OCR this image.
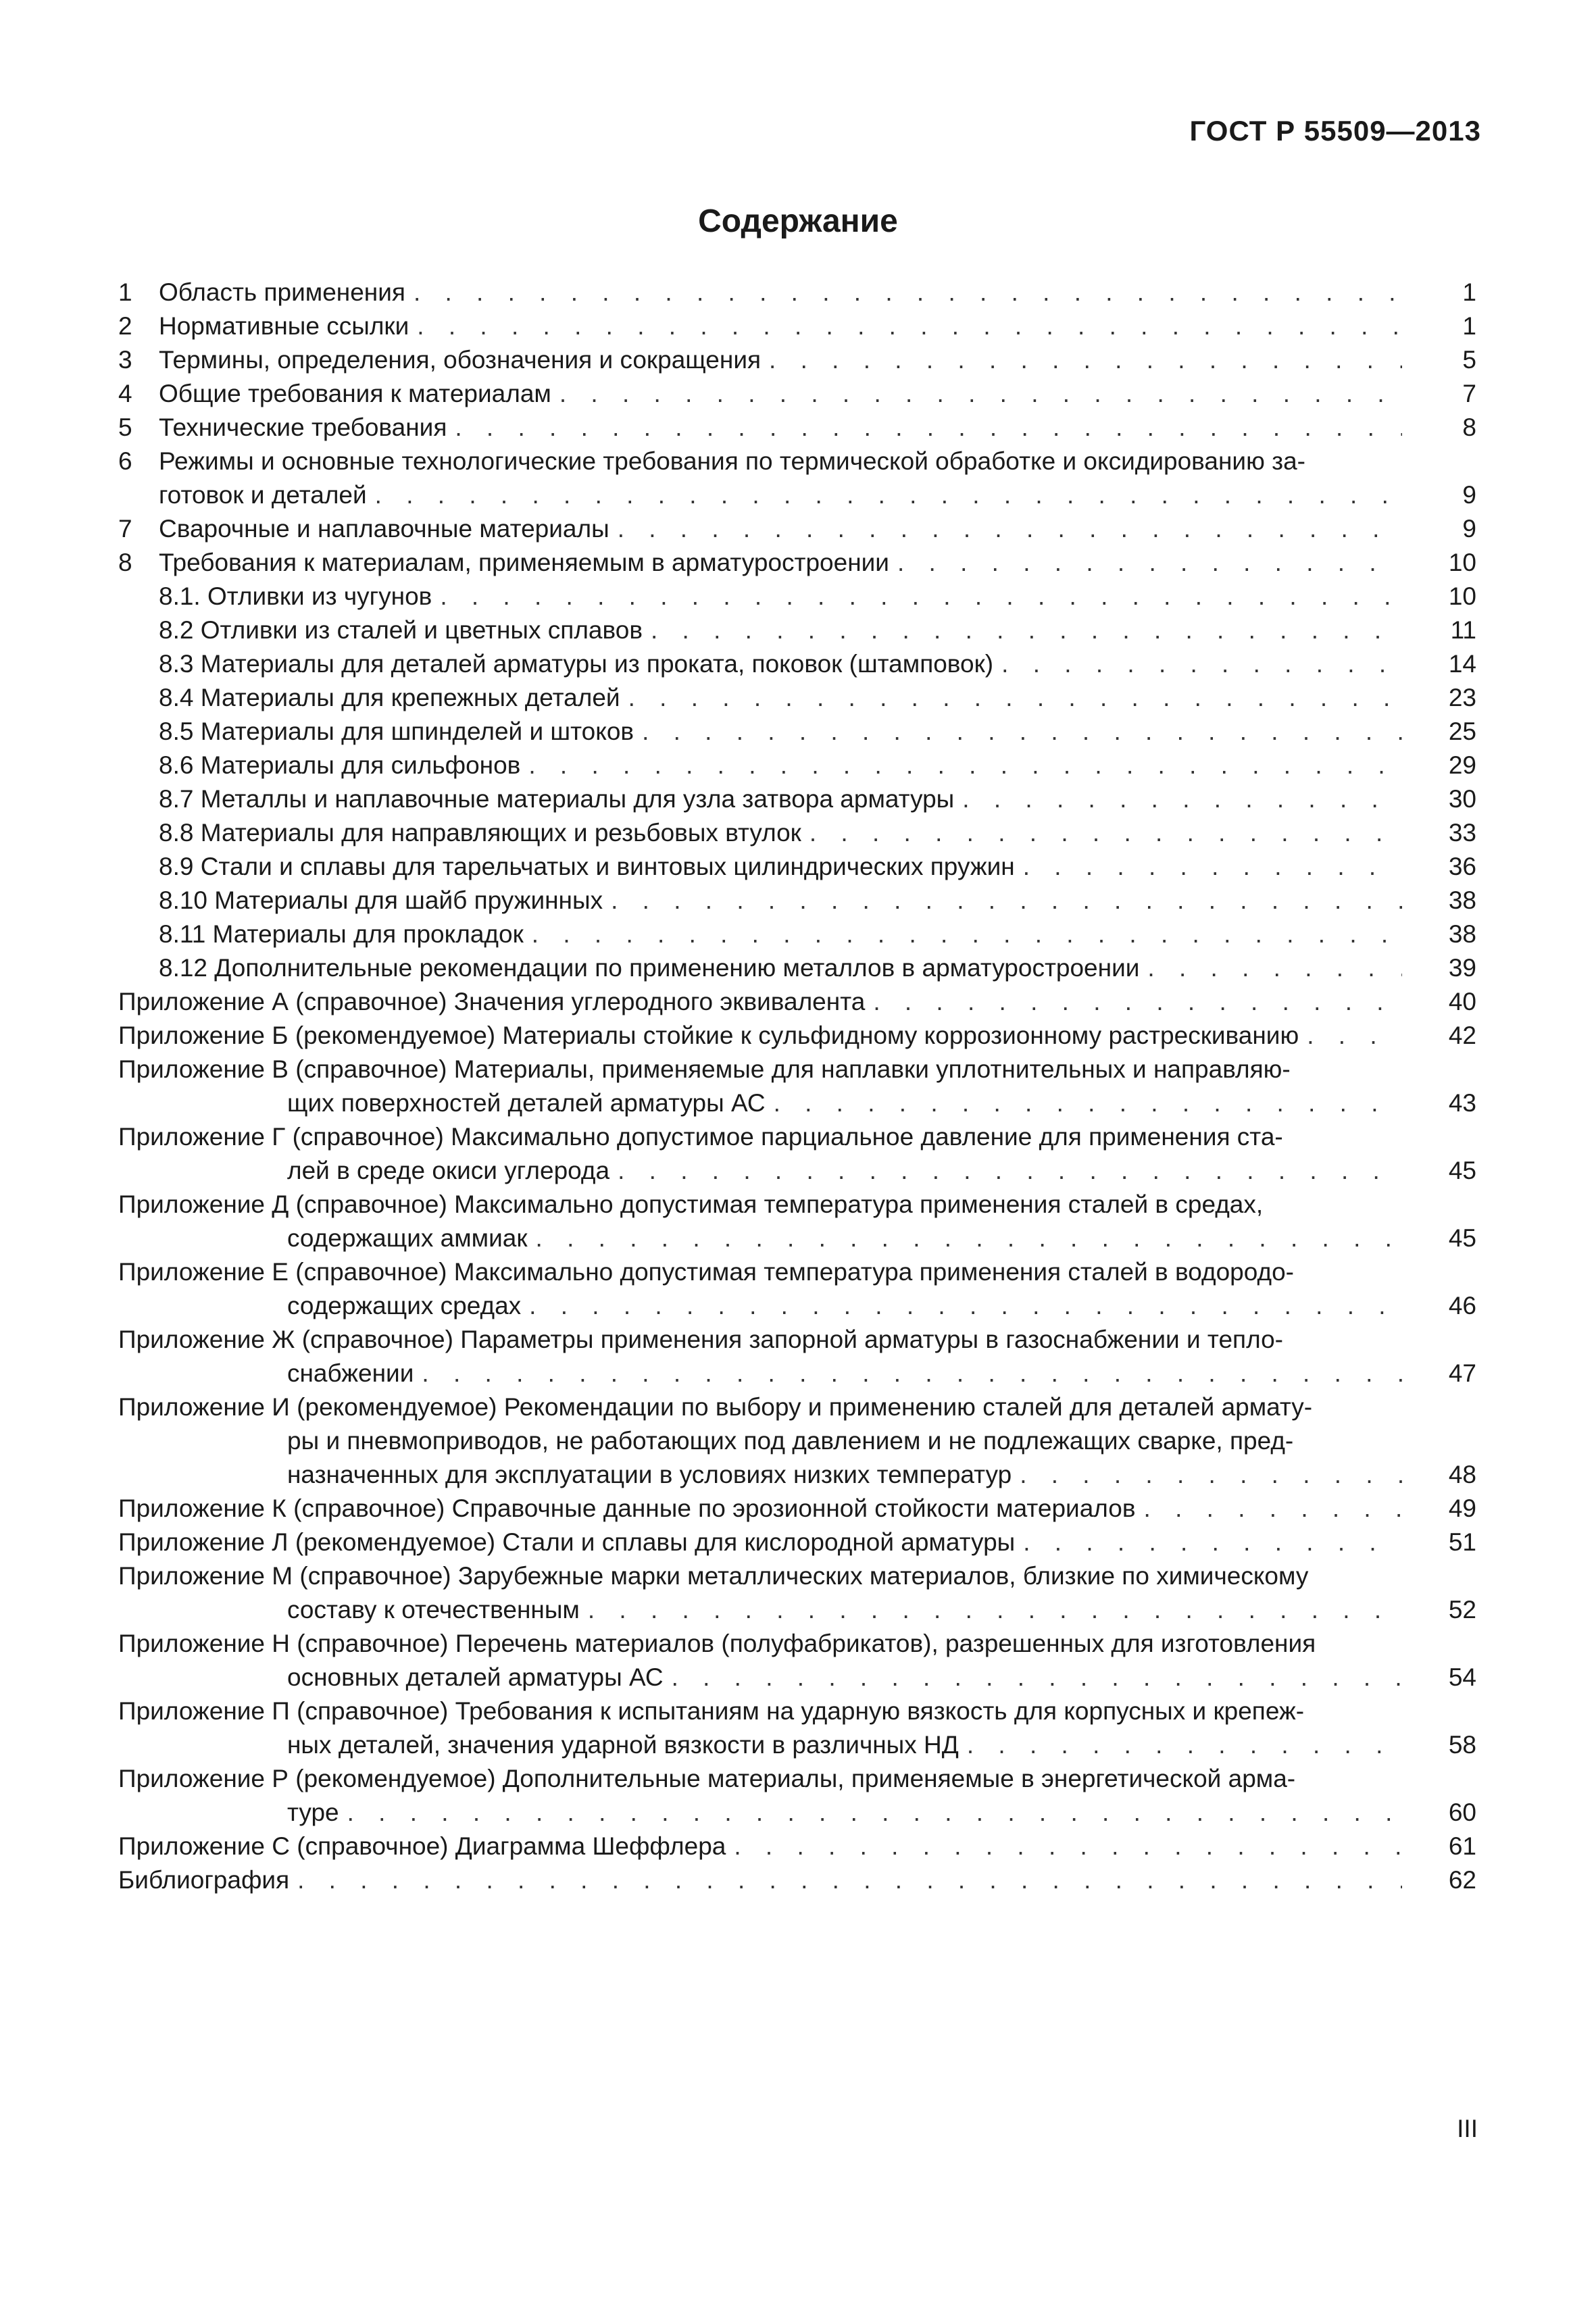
ГОСТ Р 55509—2013
Содержание
1 Область применения . . .	1
2 Нормативные ссылки . . .	1
3 Термины, определения, обозначения и сокращения . . .	5
4 Общие требования к материалам . . .	7
5 Технические требования . . .	8
6 Режимы и основные технологические требования по термической обработке и оксидированию за-
готовок и деталей . . .	9
7 Сварочные и наплавочные материалы . . .	9
8 Требования к материалам, применяемым в арматуростроении . . .	10
8.1. Отливки из чугунов . . .	10
8.2 Отливки из сталей и цветных сплавов . . .	11
8.3 Материалы для деталей арматуры из проката, поковок (штамповок) . . .	14
8.4 Материалы для крепежных деталей . . .	23
8.5 Материалы для шпинделей и штоков . . .	25
8.6 Материалы для сильфонов . . .	29
8.7 Металлы и наплавочные материалы для узла затвора арматуры . . .	30
8.8 Материалы для направляющих и резьбовых втулок . . .	33
8.9 Стали и сплавы для тарельчатых и винтовых цилиндрических пружин . . .	36
8.10 Материалы для шайб пружинных . . .	38
8.11 Материалы для прокладок . . .	38
8.12 Дополнительные рекомендации по применению металлов в арматуростроении . . .	39
Приложение А (справочное) Значения углеродного эквивалента . . .	40
Приложение Б (рекомендуемое) Материалы стойкие к сульфидному коррозионному растрескиванию . . .	42
Приложение В (справочное) Материалы, применяемые для наплавки уплотнительных и направляю-
щих поверхностей деталей арматуры АС . . .	43
Приложение Г (справочное) Максимально допустимое парциальное давление для применения ста-
лей в среде окиси углерода . . .	45
Приложение Д (справочное) Максимально допустимая температура применения сталей в средах,
содержащих аммиак . . .	45
Приложение Е (справочное) Максимально допустимая температура применения сталей в водородо-
содержащих средах . . .	46
Приложение Ж (справочное) Параметры применения запорной арматуры в газоснабжении и тепло-
снабжении . . .	47
Приложение И (рекомендуемое) Рекомендации по выбору и применению сталей для деталей армату-
ры и пневмоприводов, не работающих под давлением и не подлежащих сварке, пред-
назначенных для эксплуатации в условиях низких температур . . .	48
Приложение К (справочное) Справочные данные по эрозионной стойкости материалов . . .	49
Приложение Л (рекомендуемое) Стали и сплавы для кислородной арматуры . . .	51
Приложение М (справочное) Зарубежные марки металлических материалов, близкие по химическому
составу к отечественным . . .	52
Приложение Н (справочное) Перечень материалов (полуфабрикатов), разрешенных для изготовления
основных деталей арматуры АС . . .	54
Приложение П (справочное) Требования к испытаниям на ударную вязкость для корпусных и крепеж-
ных деталей, значения ударной вязкости в различных НД . . .	58
Приложение Р (рекомендуемое) Дополнительные материалы, применяемые в энергетической арма-
туре . . .	60
Приложение С (справочное) Диаграмма Шеффлера . . .	61
Библиография . . .	62
III
